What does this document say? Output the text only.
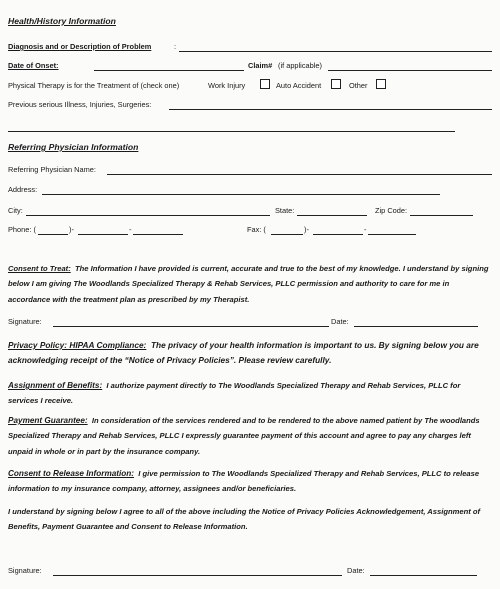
Health/History Information
Diagnosis and or Description of Problem	:
Date of Onset:	Claim# (if applicable)
Physical Therapy is for the Treatment of (check one)	Work Injury	Auto Accident	Other
Previous serious Illness, Injuries, Surgeries:
Referring Physician Information
Referring Physician Name:
Address:
City:	State:	Zip Code:
Phone: (	)-	-	Fax: (	)-	-
Consent to Treat: The Information I have provided is current, accurate and true to the best of my knowledge. I understand by signing below I am giving The Woodlands Specialized Therapy & Rehab Services, PLLC permission and authority to care for me in accordance with the treatment plan as prescribed by my Therapist.
Signature:	Date:
Privacy Policy: HIPAA Compliance: The privacy of your health information is important to us. By signing below you are acknowledging receipt of the “Notice of Privacy Policies”. Please review carefully.
Assignment of Benefits: I authorize payment directly to The Woodlands Specialized Therapy and Rehab Services, PLLC for services I receive.
Payment Guarantee: In consideration of the services rendered and to be rendered to the above named patient by The woodlands Specialized Therapy and Rehab Services, PLLC I expressly guarantee payment of this account and agree to pay any charges left unpaid in whole or in part by the insurance company.
Consent to Release Information: I give permission to The Woodlands Specialized Therapy and Rehab Services, PLLC to release information to my insurance company, attorney, assignees and/or beneficiaries.
I understand by signing below I agree to all of the above including the Notice of Privacy Policies Acknowledgement, Assignment of Benefits, Payment Guarantee and Consent to Release Information.
Signature:	Date:
